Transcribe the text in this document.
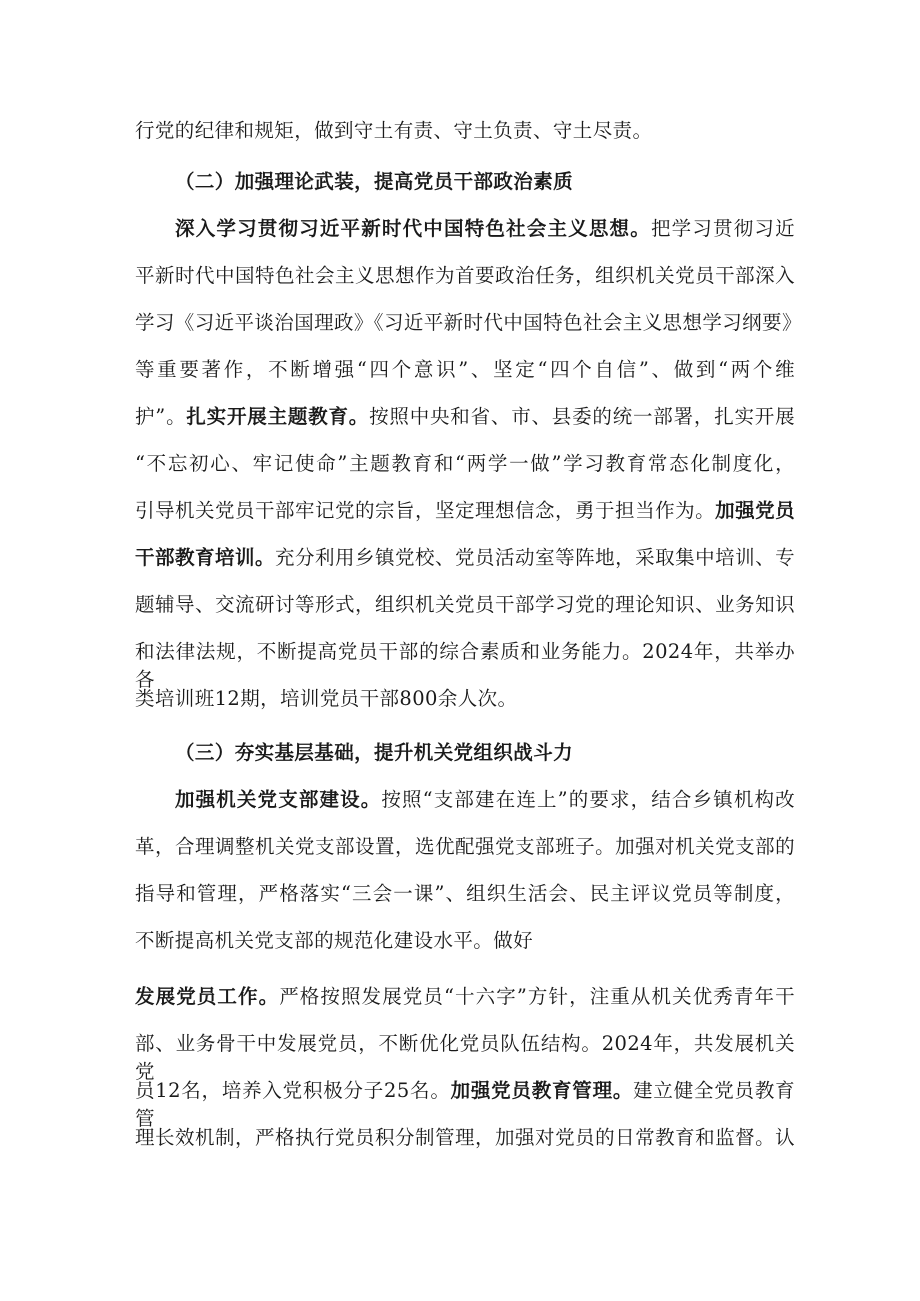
行党的纪律和规矩，做到守土有责、守土负责、守土尽责。
（二）加强理论武装，提高党员干部政治素质
深入学习贯彻习近平新时代中国特色社会主义思想。把学习贯彻习近
平新时代中国特色社会主义思想作为首要政治任务，组织机关党员干部深入
学习《习近平谈治国理政》《习近平新时代中国特色社会主义思想学习纲要》
等重要著作，不断增强“四个意识”、坚定“四个自信”、做到“两个维
护”。扎实开展主题教育。按照中央和省、市、县委的统一部署，扎实开展
“不忘初心、牢记使命”主题教育和“两学一做”学习教育常态化制度化，
引导机关党员干部牢记党的宗旨，坚定理想信念，勇于担当作为。加强党员
干部教育培训。充分利用乡镇党校、党员活动室等阵地，采取集中培训、专
题辅导、交流研讨等形式，组织机关党员干部学习党的理论知识、业务知识
和法律法规，不断提高党员干部的综合素质和业务能力。2024年，共举办各
类培训班12期，培训党员干部800余人次。
（三）夯实基层基础，提升机关党组织战斗力
加强机关党支部建设。按照“支部建在连上”的要求，结合乡镇机构改
革，合理调整机关党支部设置，选优配强党支部班子。加强对机关党支部的
指导和管理，严格落实“三会一课”、组织生活会、民主评议党员等制度，
不断提高机关党支部的规范化建设水平。做好
发展党员工作。严格按照发展党员“十六字”方针，注重从机关优秀青年干
部、业务骨干中发展党员，不断优化党员队伍结构。2024年，共发展机关党
员12名，培养入党积极分子25名。加强党员教育管理。建立健全党员教育管
理长效机制，严格执行党员积分制管理，加强对党员的日常教育和监督。认
